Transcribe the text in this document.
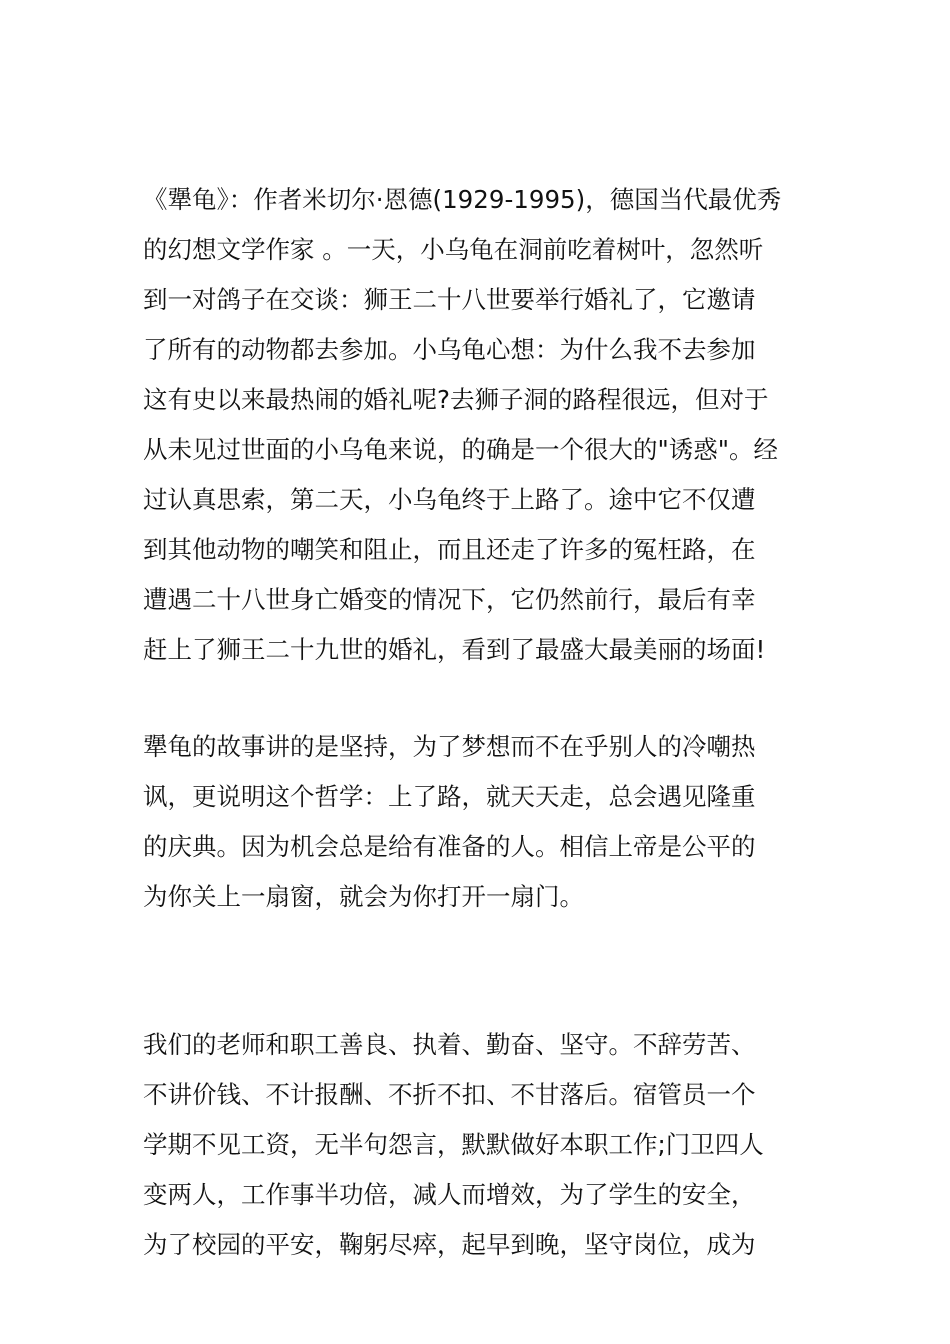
《犟龟》：作者米切尔·恩德(1929-1995)，德国当代最优秀
的幻想文学作家 。一天，小乌龟在洞前吃着树叶，忽然听
到一对鸽子在交谈：狮王二十八世要举行婚礼了，它邀请
了所有的动物都去参加。小乌龟心想：为什么我不去参加
这有史以来最热闹的婚礼呢?去狮子洞的路程很远，但对于
从未见过世面的小乌龟来说，的确是一个很大的"诱惑"。经
过认真思索，第二天，小乌龟终于上路了。途中它不仅遭
到其他动物的嘲笑和阻止，而且还走了许多的冤枉路，在
遭遇二十八世身亡婚变的情况下，它仍然前行，最后有幸
赶上了狮王二十九世的婚礼，看到了最盛大最美丽的场面!
犟龟的故事讲的是坚持，为了梦想而不在乎别人的冷嘲热
讽，更说明这个哲学：上了路，就天天走，总会遇见隆重
的庆典。因为机会总是给有准备的人。相信上帝是公平的
为你关上一扇窗，就会为你打开一扇门。
我们的老师和职工善良、执着、勤奋、坚守。不辞劳苦、
不讲价钱、不计报酬、不折不扣、不甘落后。宿管员一个
学期不见工资，无半句怨言，默默做好本职工作;门卫四人
变两人，工作事半功倍，减人而增效，为了学生的安全，
为了校园的平安，鞠躬尽瘁，起早到晚，坚守岗位，成为
